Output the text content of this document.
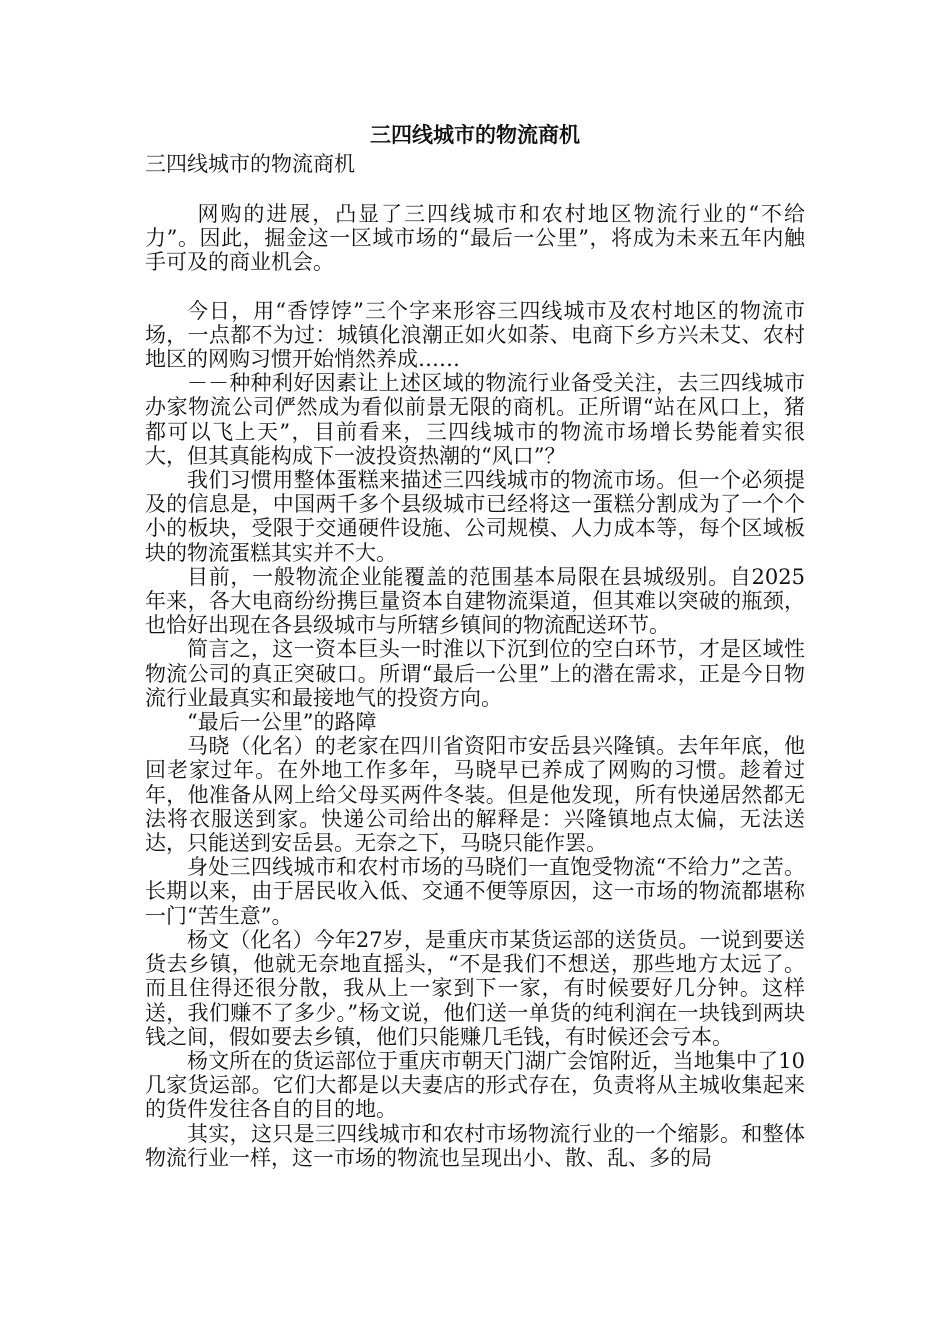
三四线城市的物流商机
三四线城市的物流商机

网购的进展，凸显了三四线城市和农村地区物流行业的“不给力”。因此，掘金这一区域市场的“最后一公里”，将成为未来五年内触手可及的商业机会。

今日，用“香饽饽”三个字来形容三四线城市及农村地区的物流市场，一点都不为过：城镇化浪潮正如火如荼、电商下乡方兴未艾、农村地区的网购习惯开始悄然养成……

－－种种利好因素让上述区域的物流行业备受关注，去三四线城市办家物流公司俨然成为看似前景无限的商机。正所谓“站在风口上，猪都可以飞上天”，目前看来，三四线城市的物流市场增长势能着实很大，但其真能构成下一波投资热潮的“风口”？

我们习惯用整体蛋糕来描述三四线城市的物流市场。但一个必须提及的信息是，中国两千多个县级城市已经将这一蛋糕分割成为了一个个小的板块，受限于交通硬件设施、公司规模、人力成本等，每个区域板块的物流蛋糕其实并不大。

目前，一般物流企业能覆盖的范围基本局限在县城级别。自2025年来，各大电商纷纷携巨量资本自建物流渠道，但其难以突破的瓶颈，也恰好出现在各县级城市与所辖乡镇间的物流配送环节。

简言之，这一资本巨头一时淮以下沉到位的空白环节，才是区域性物流公司的真正突破口。所谓“最后一公里”上的潜在需求，正是今日物流行业最真实和最接地气的投资方向。

“最后一公里”的路障

马晓（化名）的老家在四川省资阳市安岳县兴隆镇。去年年底，他回老家过年。在外地工作多年，马晓早已养成了网购的习惯。趁着过年，他准备从网上给父母买两件冬装。但是他发现，所有快递居然都无法将衣服送到家。快递公司给出的解释是：兴隆镇地点太偏，无法送达，只能送到安岳县。无奈之下，马晓只能作罢。

身处三四线城市和农村市场的马晓们一直饱受物流“不给力”之苦。长期以来，由于居民收入低、交通不便等原因，这一市场的物流都堪称一门“苦生意”。

杨文（化名）今年27岁，是重庆市某货运部的送货员。一说到要送货去乡镇，他就无奈地直摇头，“不是我们不想送，那些地方太远了。而且住得还很分散，我从上一家到下一家，有时候要好几分钟。这样送，我们赚不了多少。”杨文说，他们送一单货的纯利润在一块钱到两块钱之间，假如要去乡镇，他们只能赚几毛钱，有时候还会亏本。

杨文所在的货运部位于重庆市朝天门湖广会馆附近，当地集中了10几家货运部。它们大都是以夫妻店的形式存在，负责将从主城收集起来的货件发往各自的目的地。

其实，这只是三四线城市和农村市场物流行业的一个缩影。和整体物流行业一样，这一市场的物流也呈现出小、散、乱、多的局
